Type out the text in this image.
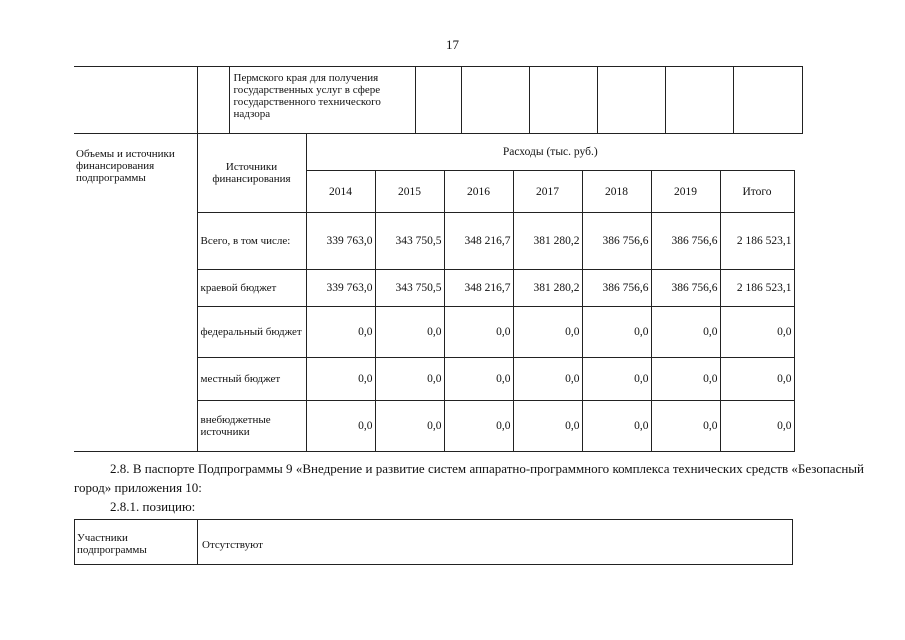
17
		Пермского края для получения государственных услуг в сфере государственного технического надзора						
Объемы и источники финансирования подпрограммы	Источники финансирования	Расходы (тыс. руб.)						
		2014	2015	2016	2017	2018	2019	Итого
	Всего, в том числе:	339 763,0	343 750,5	348 216,7	381 280,2	386 756,6	386 756,6	2 186 523,1
	краевой бюджет	339 763,0	343 750,5	348 216,7	381 280,2	386 756,6	386 756,6	2 186 523,1
	федеральный бюджет	0,0	0,0	0,0	0,0	0,0	0,0	0,0
	местный бюджет	0,0	0,0	0,0	0,0	0,0	0,0	0,0
	внебюджетные источники	0,0	0,0	0,0	0,0	0,0	0,0	0,0
2.8. В паспорте Подпрограммы 9 «Внедрение и развитие систем аппаратно-программного комплекса технических средств «Безопасный город» приложения 10:
2.8.1. позицию:
Участники подпрограммы	Отсутствуют
